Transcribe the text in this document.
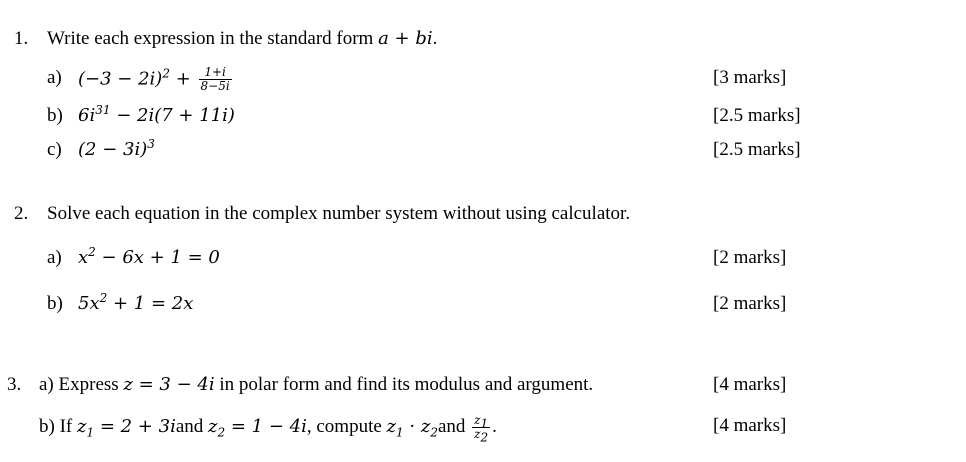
1. Write each expression in the standard form a + bi.
a) $(-3 - 2i)^2 + \frac{1+i}{8-5i}$	[3 marks]
b) $6i^{31} - 2i(7 + 11i)$	[2.5 marks]
c) $(2 - 3i)^3$	[2.5 marks]
2. Solve each equation in the complex number system without using calculator.
a) $x^2 - 6x + 1 = 0$	[2 marks]
b) $5x^2 + 1 = 2x$	[2 marks]
3. a) Express z = 3 − 4i in polar form and find its modulus and argument.	[4 marks]
b) If $z_1 = 2$ + 3iand $z_2 = 1 - 4i$, compute $z_1 \cdot z_2and \frac{z_1}{z_2}$ .	[4 marks]
